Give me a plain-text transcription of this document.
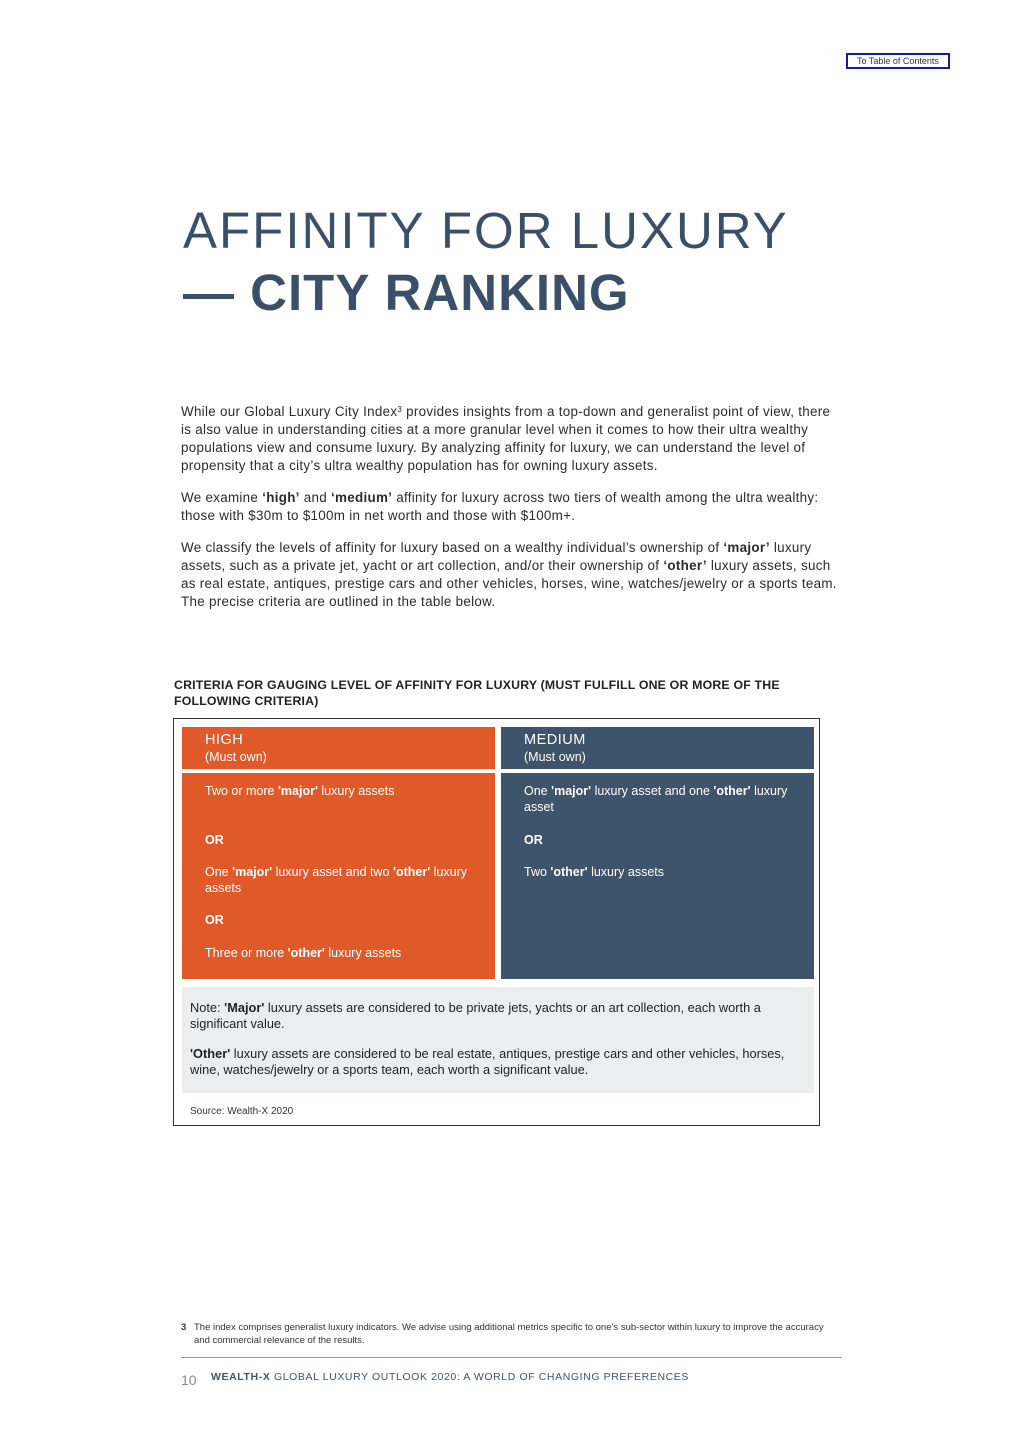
To Table of Contents
AFFINITY FOR LUXURY
— CITY RANKING

While our Global Luxury City Index$^3$ provides insights from a top-down and generalist point of view, there is also value in understanding cities at a more granular level when it comes to how their ultra wealthy populations view and consume luxury. By analyzing affinity for luxury, we can understand the level of propensity that a city’s ultra wealthy population has for owning luxury assets.

We examine ‘high’ and ‘medium’ affinity for luxury across two tiers of wealth among the ultra wealthy: those with $30m to $100m in net worth and those with $100m+.

We classify the levels of affinity for luxury based on a wealthy individual’s ownership of ‘major’ luxury assets, such as a private jet, yacht or art collection, and/or their ownership of ‘other’ luxury assets, such as real estate, antiques, prestige cars and other vehicles, horses, wine, watches/jewelry or a sports team. The precise criteria are outlined in the table below.

CRITERIA FOR GAUGING LEVEL OF AFFINITY FOR LUXURY (MUST FULFILL ONE OR MORE OF THE FOLLOWING CRITERIA)
HIGH
(Must own)
MEDIUM
(Must own)

Two or more 'major' luxury assets

OR

One 'major' luxury asset and two 'other' luxury assets

OR

Three or more 'other' luxury assets

One 'major' luxury asset and one 'other' luxury asset

OR

Two 'other' luxury assets

Note: 'Major' luxury assets are considered to be private jets, yachts or an art collection, each worth a significant value.

'Other' luxury assets are considered to be real estate, antiques, prestige cars and other vehicles, horses, wine, watches/jewelry or a sports team, each worth a significant value.

Source: Wealth-X 2020
3 The index comprises generalist luxury indicators. We advise using additional metrics specific to one’s sub-sector within luxury to improve the accuracy and commercial relevance of the results.
10 WEALTH-X GLOBAL LUXURY OUTLOOK 2020: A WORLD OF CHANGING PREFERENCES
